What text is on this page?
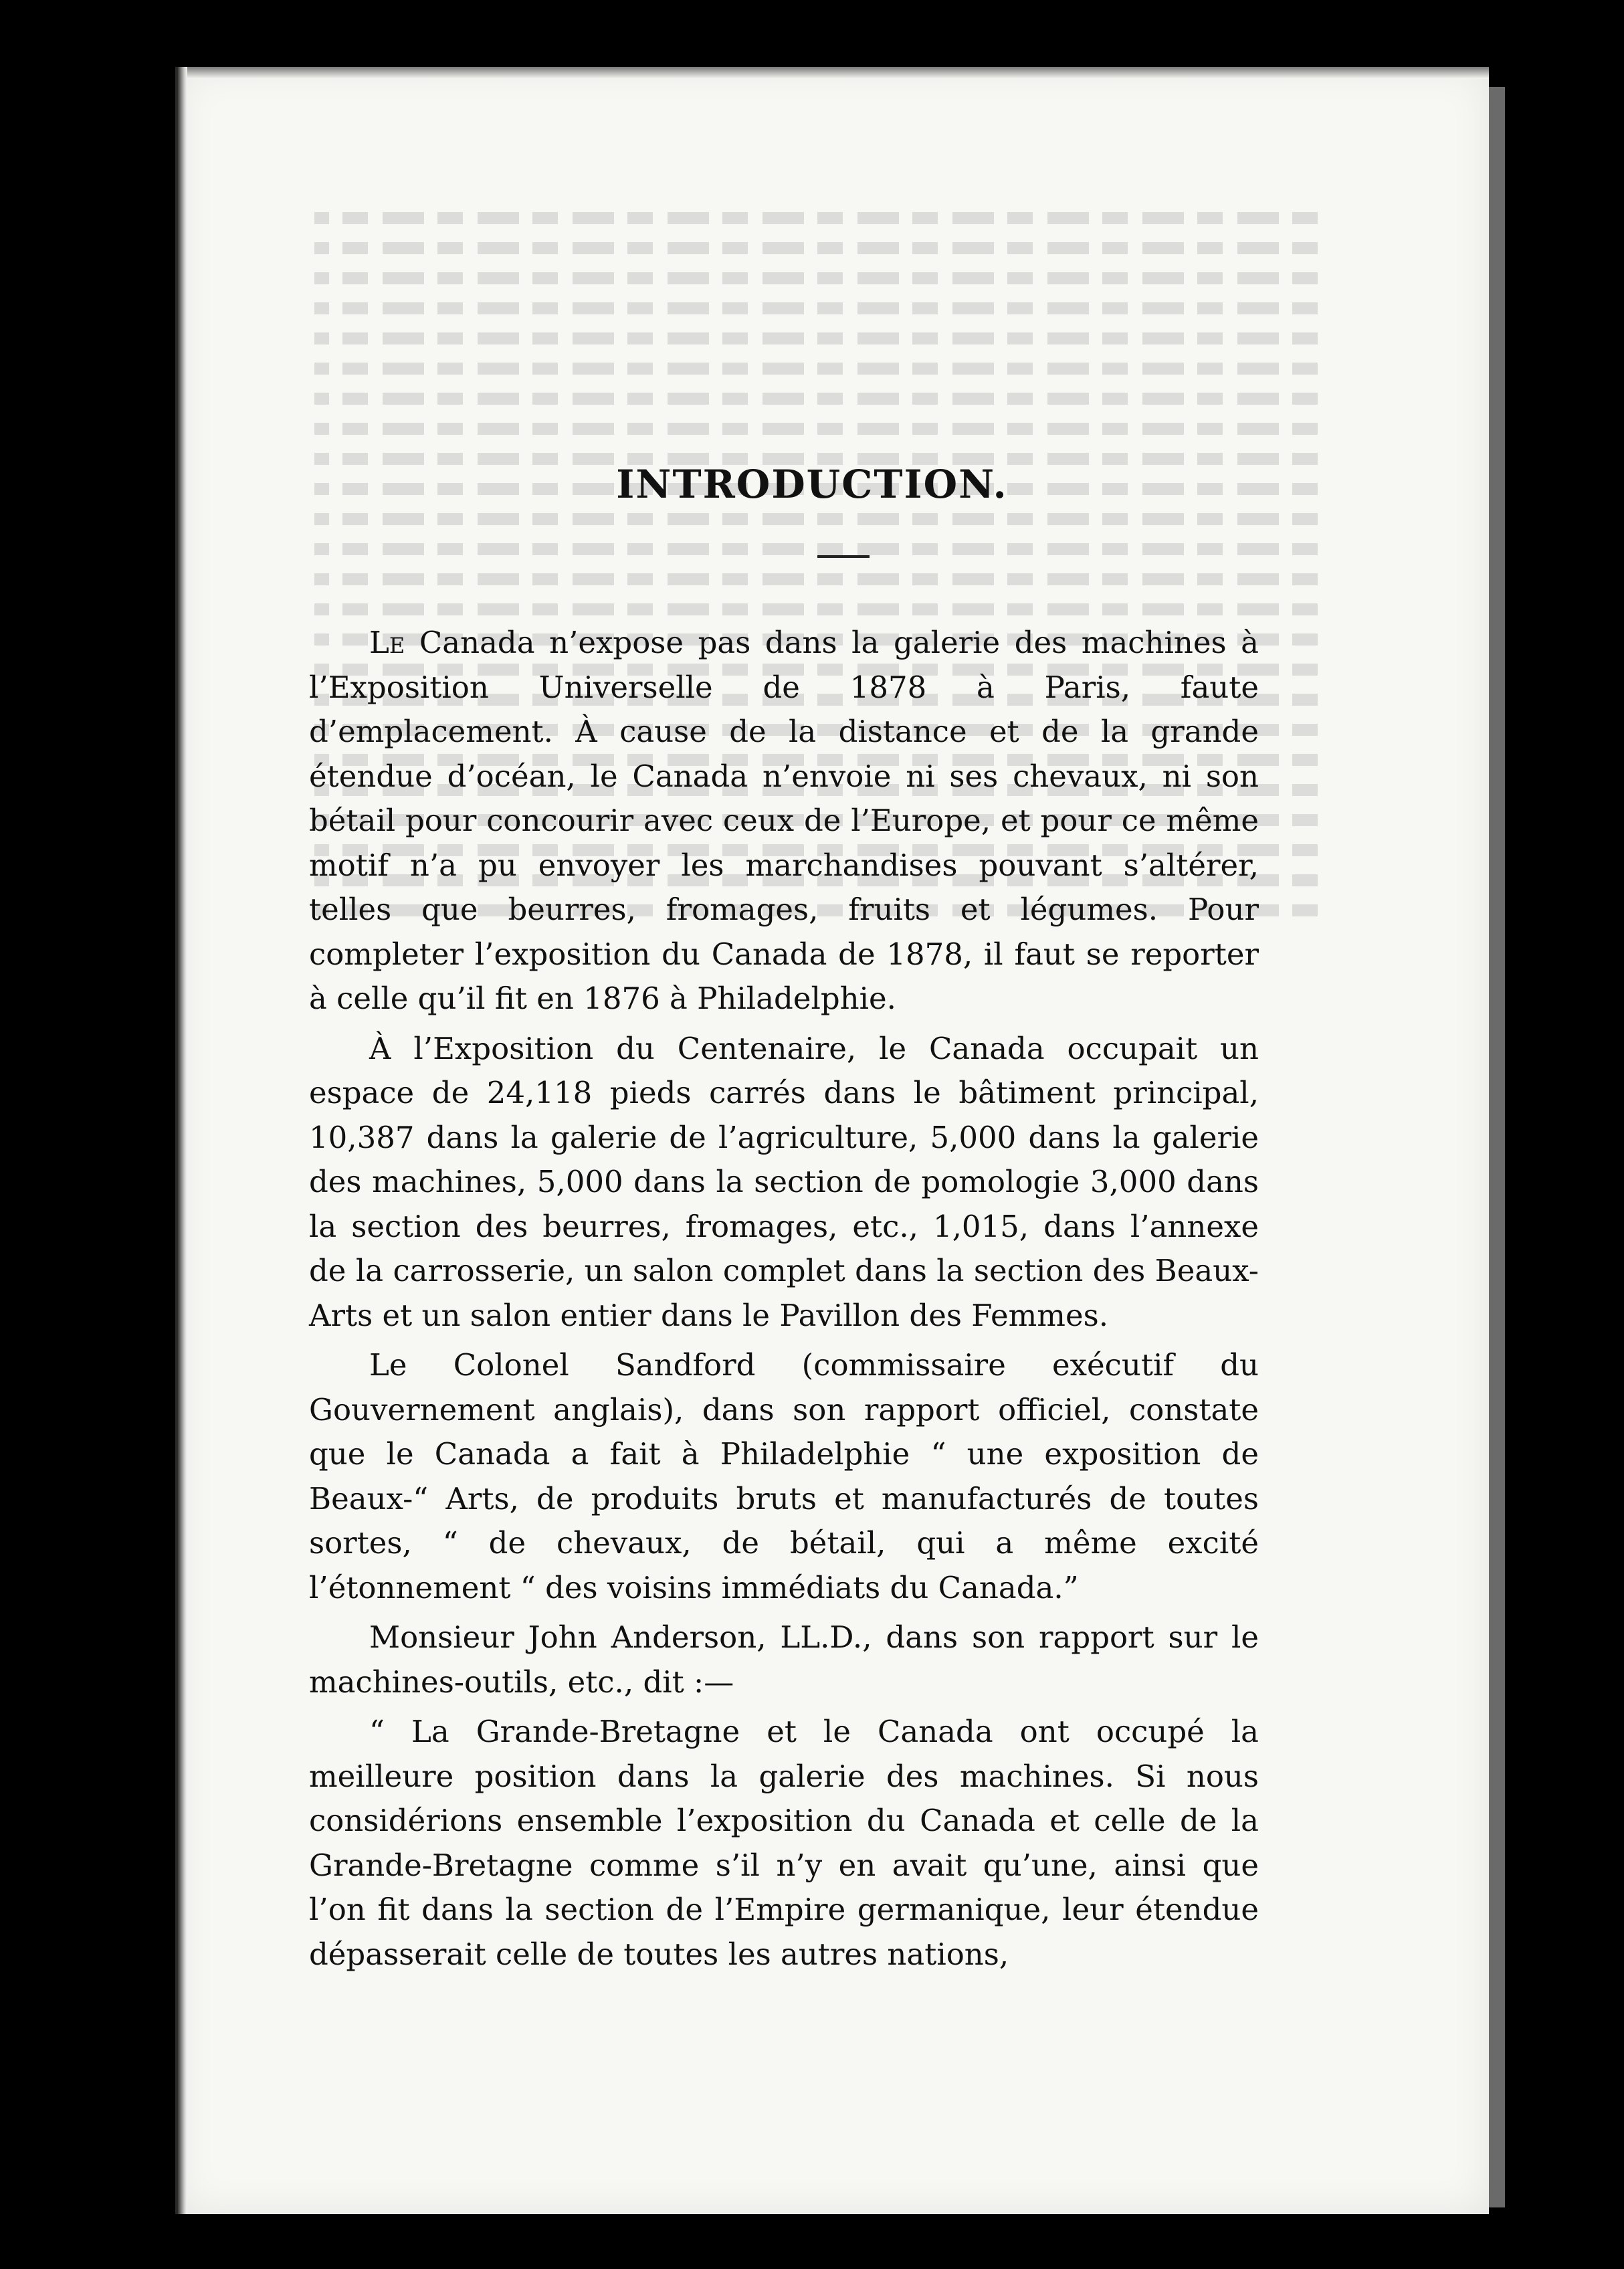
INTRODUCTION.

Le Canada n’expose pas dans la galerie des machines à l’Exposition Universelle de 1878 à Paris, faute d’emplacement. À cause de la distance et de la grande étendue d’océan, le Canada n’envoie ni ses chevaux, ni son bétail pour concourir avec ceux de l’Europe, et pour ce même motif n’a pu envoyer les marchandises pouvant s’altérer, telles que beurres, fromages, fruits et légumes. Pour completer l’exposition du Canada de 1878, il faut se reporter à celle qu’il fit en 1876 à Philadelphie.

À l’Exposition du Centenaire, le Canada occupait un espace de 24,118 pieds carrés dans le bâtiment principal, 10,387 dans la galerie de l’agriculture, 5,000 dans la galerie des machines, 5,000 dans la section de pomologie 3,000 dans la section des beurres, fromages, etc., 1,015, dans l’annexe de la carrosserie, un salon complet dans la section des Beaux-Arts et un salon entier dans le Pavillon des Femmes.

Le Colonel Sandford (commissaire exécutif du Gouvernement anglais), dans son rapport officiel, constate que le Canada a fait à Philadelphie “ une exposition de Beaux-“ Arts, de produits bruts et manufacturés de toutes sortes, “ de chevaux, de bétail, qui a même excité l’étonnement “ des voisins immédiats du Canada.”

Monsieur John Anderson, LL.D., dans son rapport sur le machines-outils, etc., dit :—

“ La Grande-Bretagne et le Canada ont occupé la meilleure position dans la galerie des machines. Si nous considérions ensemble l’exposition du Canada et celle de la Grande-Bretagne comme s’il n’y en avait qu’une, ainsi que l’on fit dans la section de l’Empire germanique, leur étendue dépasserait celle de toutes les autres nations,
